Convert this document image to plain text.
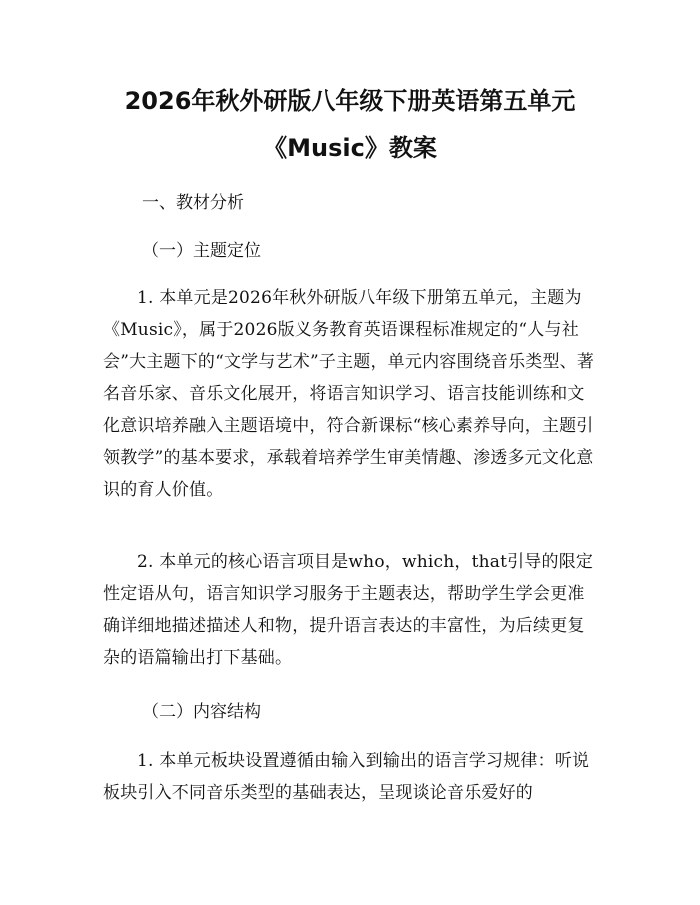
2026年秋外研版八年级下册英语第五单元
《Music》教案
一、教材分析
（一）主题定位

1. 本单元是2026年秋外研版八年级下册第五单元，主题为《Music》，属于2026版义务教育英语课程标准规定的“人与社会”大主题下的“文学与艺术”子主题，单元内容围绕音乐类型、著名音乐家、音乐文化展开，将语言知识学习、语言技能训练和文化意识培养融入主题语境中，符合新课标“核心素养导向，主题引领教学”的基本要求，承载着培养学生审美情趣、渗透多元文化意识的育人价值。

2. 本单元的核心语言项目是who，which，that引导的限定性定语从句，语言知识学习服务于主题表达，帮助学生学会更准确详细地描述描述人和物，提升语言表达的丰富性，为后续更复杂的语篇输出打下基础。

（二）内容结构

1. 本单元板块设置遵循由输入到输出的语言学习规律：听说板块引入不同音乐类型的基础表达，呈现谈论音乐爱好的
